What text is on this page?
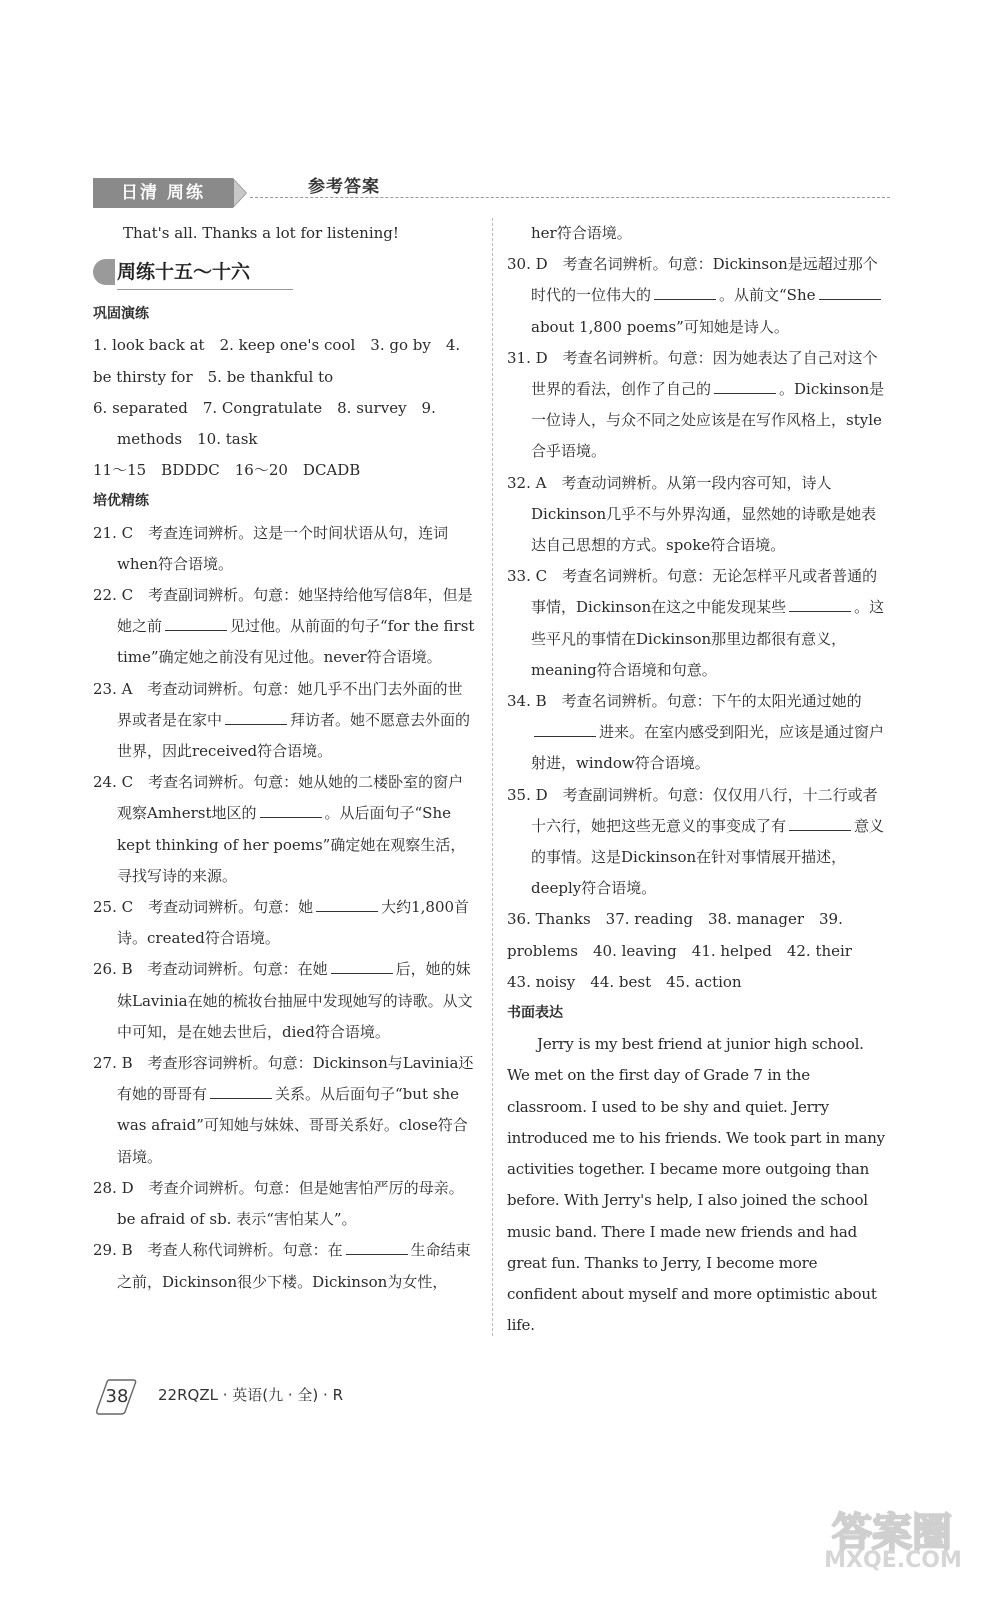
日清 周练	参考答案

That's all. Thanks a lot for listening!

周练十五～十六

巩固演练

1. look back at　2. keep one's cool　3. go by　4. be thirsty for　5. be thankful to

6. separated　7. Congratulate　8. survey　9. methods　10. task

11～15　BDDDC　16～20　DCADB

培优精练

21. C　考查连词辨析。这是一个时间状语从句，连词when符合语境。

22. C　考查副词辨析。句意：她坚持给他写信8年，但是她之前	见过他。从前面的句子“for the first time”确定她之前没有见过他。never符合语境。

23. A　考查动词辨析。句意：她几乎不出门去外面的世界或者是在家中	拜访者。她不愿意去外面的世界，因此received符合语境。

24. C　考查名词辨析。句意：她从她的二楼卧室的窗户观察Amherst地区的	。从后面句子“She kept thinking of her poems”确定她在观察生活，寻找写诗的来源。

25. C　考查动词辨析。句意：她	大约1,800首诗。created符合语境。

26. B　考查动词辨析。句意：在她	后，她的妹妹Lavinia在她的梳妆台抽屉中发现她写的诗歌。从文中可知，是在她去世后，died符合语境。

27. B　考查形容词辨析。句意：Dickinson与Lavinia还有她的哥哥有	关系。从后面句子“but she was afraid”可知她与妹妹、哥哥关系好。close符合语境。

28. D　考查介词辨析。句意：但是她害怕严厉的母亲。be afraid of sb. 表示“害怕某人”。

29. B　考查人称代词辨析。句意：在	生命结束之前，Dickinson很少下楼。Dickinson为女性，

her符合语境。

30. D　考查名词辨析。句意：Dickinson是远超过那个时代的一位伟大的	。从前文“Sheabout 1,800 poems”可知她是诗人。

31. D　考查名词辨析。句意：因为她表达了自己对这个世界的看法，创作了自己的	。Dickinson是一位诗人，与众不同之处应该是在写作风格上，style合乎语境。

32. A　考查动词辨析。从第一段内容可知，诗人Dickinson几乎不与外界沟通，显然她的诗歌是她表达自己思想的方式。spoke符合语境。

33. C　考查名词辨析。句意：无论怎样平凡或者普通的事情，Dickinson在这之中能发现某些	。这些平凡的事情在Dickinson那里边都很有意义，meaning符合语境和句意。

34. B　考查名词辨析。句意：下午的太阳光通过她的进来。在室内感受到阳光，应该是通过窗户射进，window符合语境。

35. D　考查副词辨析。句意：仅仅用八行，十二行或者十六行，她把这些无意义的事变成了有	意义的事情。这是Dickinson在针对事情展开描述，deeply符合语境。

36. Thanks　37. reading　38. manager　39. problems　40. leaving　41. helped　42. their　43. noisy　44. best　45. action

书面表达

Jerry is my best friend at junior high school. We met on the first day of Grade 7 in the classroom. I used to be shy and quiet. Jerry introduced me to his friends. We took part in many activities together. I became more outgoing than before. With Jerry's help, I also joined the school music band. There I made new friends and had great fun. Thanks to Jerry, I become more confident about myself and more optimistic about life.

38	22RQZL · 英语(九 · 全) · R
答案圈
MXQE.COM
